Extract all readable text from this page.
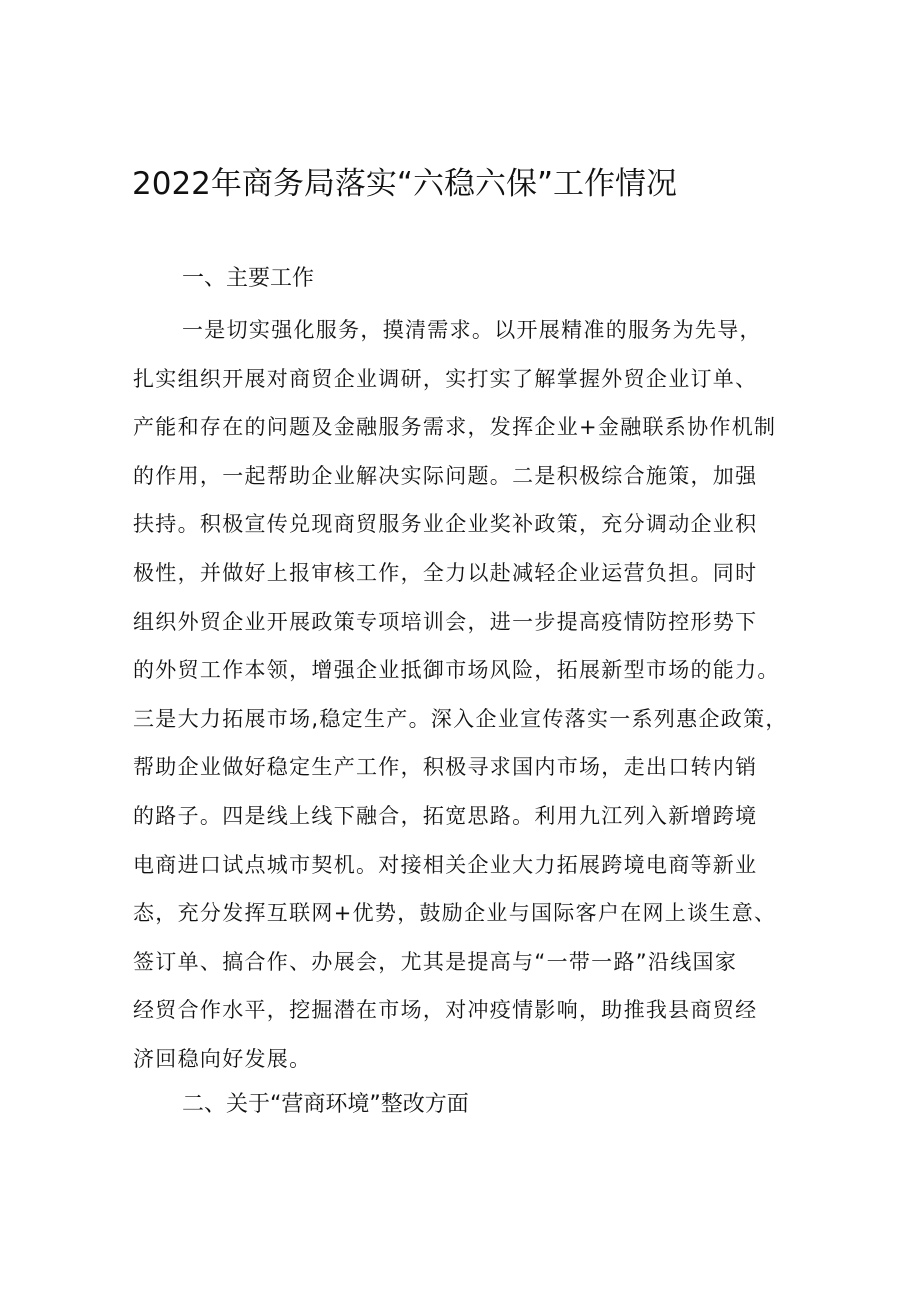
2022年商务局落实“六稳六保”工作情况
一、主要工作
一是切实强化服务，摸清需求。以开展精准的服务为先导，
扎实组织开展对商贸企业调研，实打实了解掌握外贸企业订单、
产能和存在的问题及金融服务需求，发挥企业+金融联系协作机制
的作用，一起帮助企业解决实际问题。二是积极综合施策，加强
扶持。积极宣传兑现商贸服务业企业奖补政策，充分调动企业积
极性，并做好上报审核工作，全力以赴减轻企业运营负担。同时
组织外贸企业开展政策专项培训会，进一步提高疫情防控形势下
的外贸工作本领，增强企业抵御市场风险，拓展新型市场的能力。
三是大力拓展市场,稳定生产。深入企业宣传落实一系列惠企政策，
帮助企业做好稳定生产工作，积极寻求国内市场，走出口转内销
的路子。四是线上线下融合，拓宽思路。利用九江列入新增跨境
电商进口试点城市契机。对接相关企业大力拓展跨境电商等新业
态，充分发挥互联网+优势，鼓励企业与国际客户在网上谈生意、
签订单、搞合作、办展会，尤其是提高与“一带一路”沿线国家
经贸合作水平，挖掘潜在市场，对冲疫情影响，助推我县商贸经
济回稳向好发展。
二、关于“营商环境”整改方面
